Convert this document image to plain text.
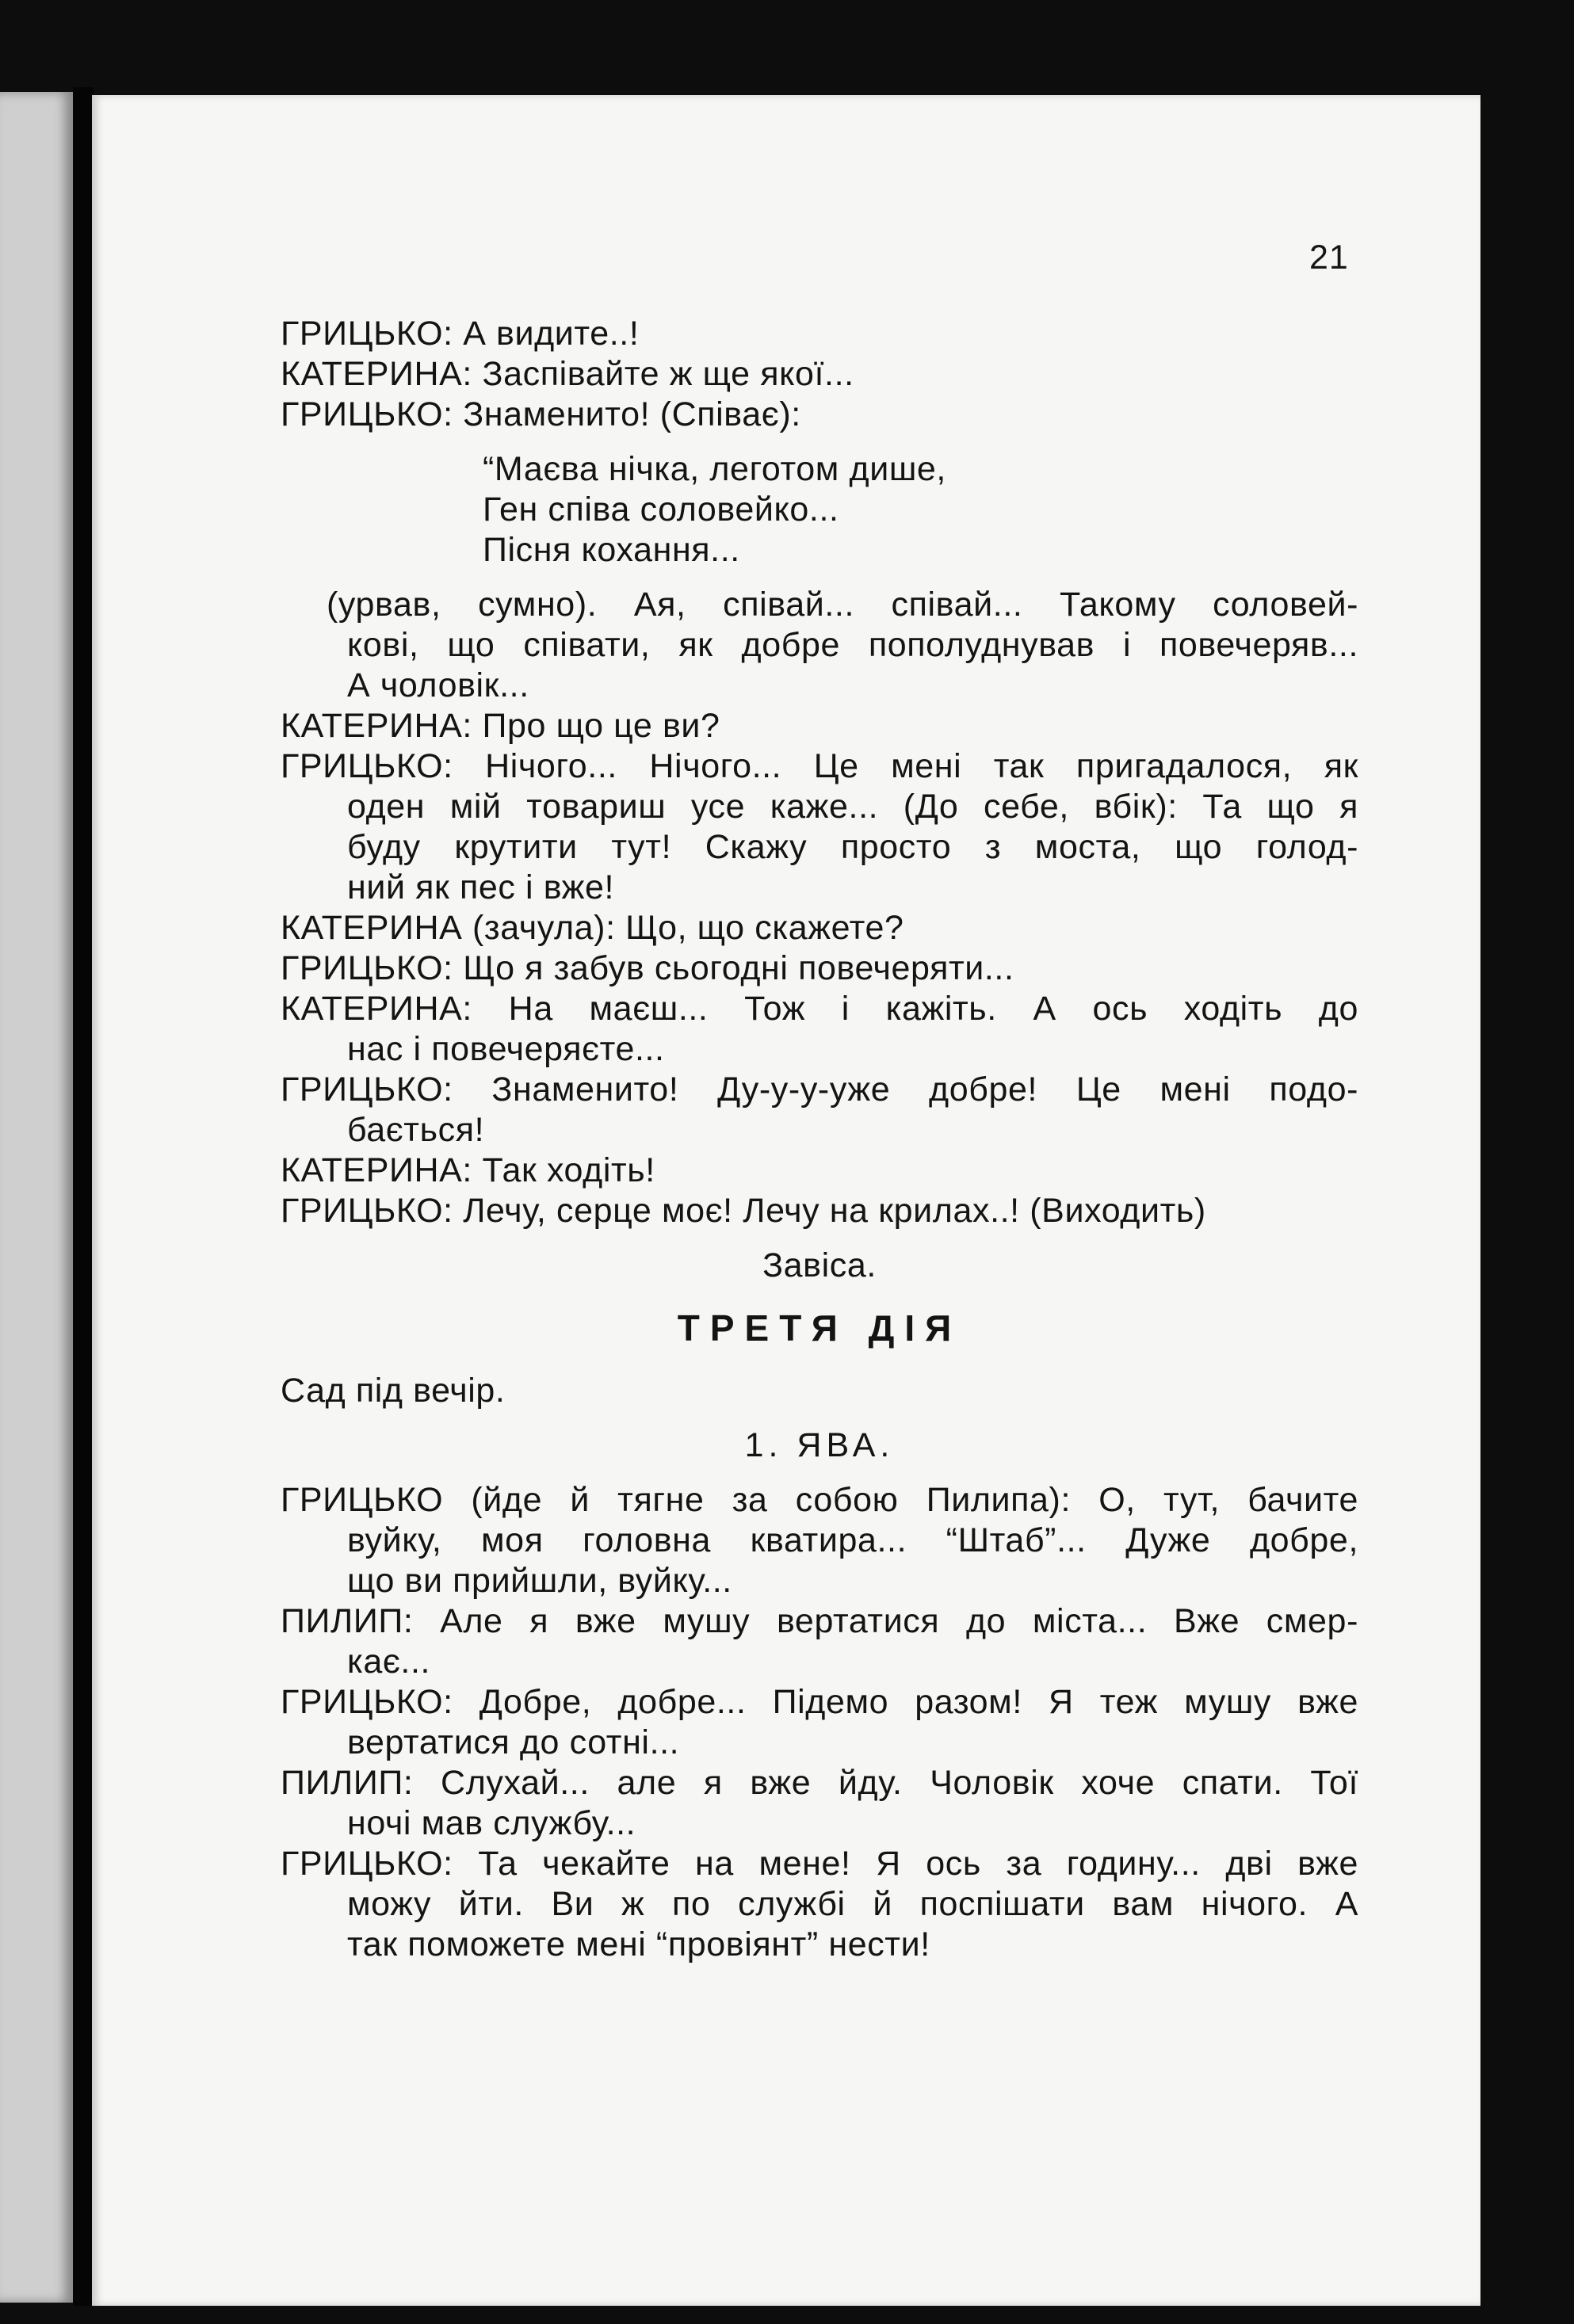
21
ГРИЦЬКО: А видите..!
КАТЕРИНА: Заспівайте ж ще якої...
ГРИЦЬКО: Знаменито! (Співає):
“Маєва нічка, леготом дише,
Ген співа соловейко...
Пісня кохання...
(урвав, сумно). Ая, співай... співай... Такому соловей-
кові, що співати, як добре пополуднував і повечеряв...
А чоловік...
КАТЕРИНА: Про що це ви?
ГРИЦЬКО: Нічого... Нічого... Це мені так пригадалося, як
оден мій товариш усе каже... (До себе, вбік): Та що я
буду крутити тут! Скажу просто з моста, що голод-
ний як пес і вже!
КАТЕРИНА (зачула): Що, що скажете?
ГРИЦЬКО: Що я забув сьогодні повечеряти...
КАТЕРИНА: На маєш... Тож і кажіть. А ось ходіть до
нас і повечеряєте...
ГРИЦЬКО: Знаменито! Ду-у-у-уже добре! Це мені подо-
бається!
КАТЕРИНА: Так ходіть!
ГРИЦЬКО: Лечу, серце моє! Лечу на крилах..! (Виходить)
Завіса.
ТРЕТЯ ДІЯ
Сад під вечір.
1. ЯВА.
ГРИЦЬКО (йде й тягне за собою Пилипа): О, тут, бачите
вуйку, моя головна кватира... “Штаб”... Дуже добре,
що ви прийшли, вуйку...
ПИЛИП: Але я вже мушу вертатися до міста... Вже смер-
кає...
ГРИЦЬКО: Добре, добре... Підемо разом! Я теж мушу вже
вертатися до сотні...
ПИЛИП: Слухай... але я вже йду. Чоловік хоче спати. Тої
ночі мав службу...
ГРИЦЬКО: Та чекайте на мене! Я ось за годину... дві вже
можу йти. Ви ж по службі й поспішати вам нічого. А
так поможете мені “провіянт” нести!
